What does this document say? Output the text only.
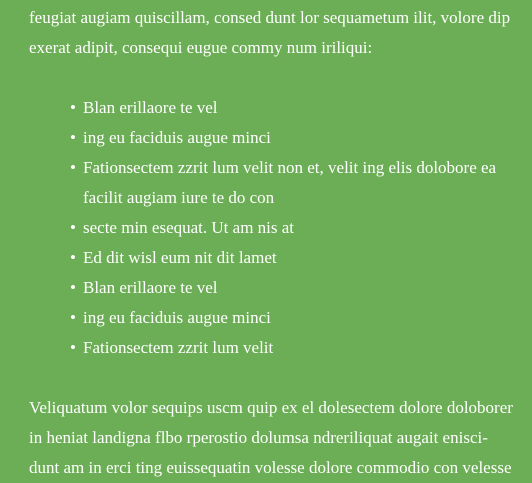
feugiat augiam quiscillam, consed dunt lor sequametum ilit, volore dip
exerat adipit, consequi eugue commy num iriliqui:

• Blan erillaore te vel
• ing eu faciduis augue minci
• Fationsectem zzrit lum velit non et, velit ing elis dolobore ea
facilit augiam iure te do con
• secte min esequat. Ut am nis at
• Ed dit wisl eum nit dit lamet
• Blan erillaore te vel
• ing eu faciduis augue minci
• Fationsectem zzrit lum velit

Veliquatum volor sequips uscm quip ex el dolesectem dolore doloborer
in heniat landigna flbo rperostio dolumsa ndreriliquat augait enisci-
dunt am in erci ting euissequatin volesse dolore commodio con velesse
